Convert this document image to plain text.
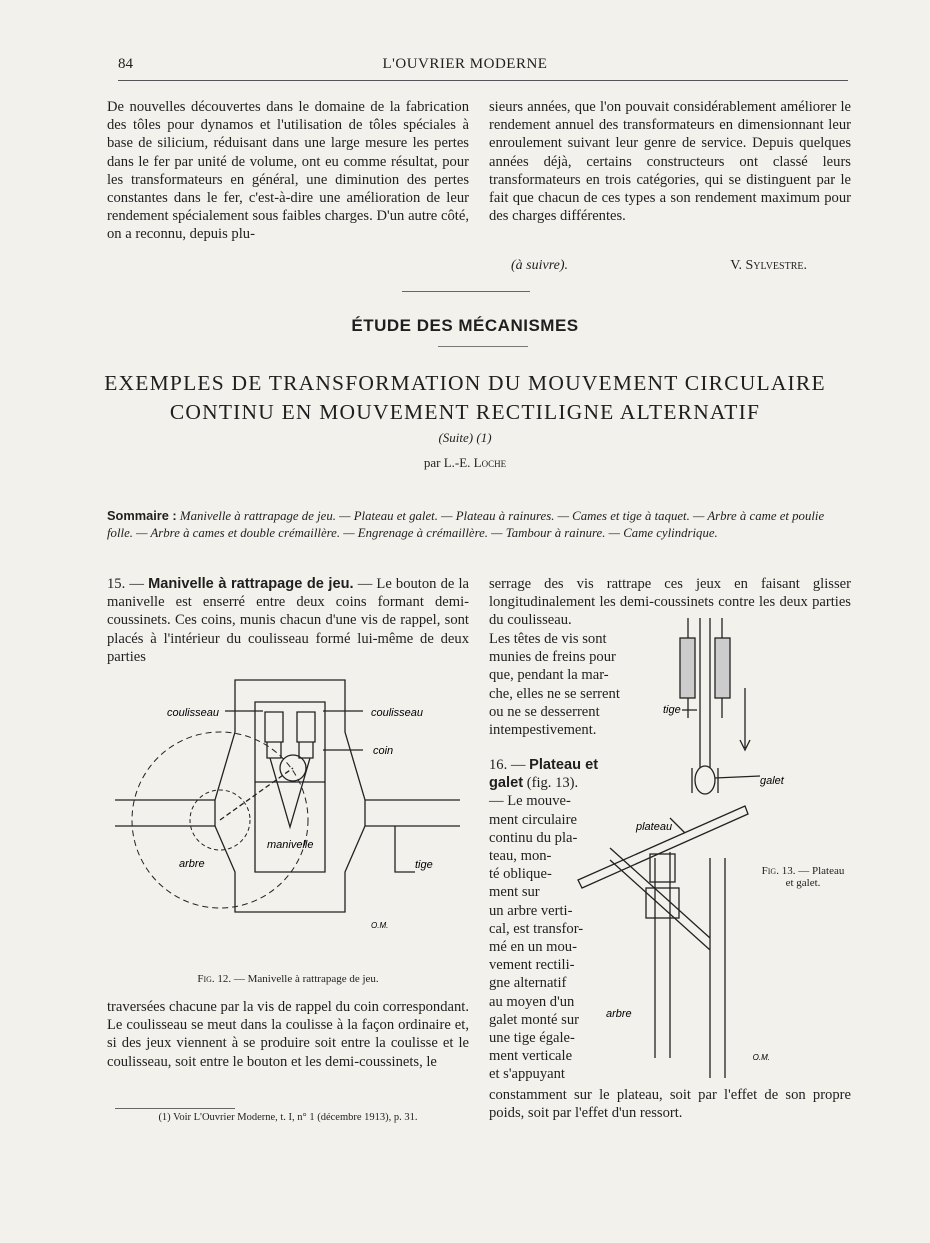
84	L'OUVRIER MODERNE
De nouvelles découvertes dans le domaine de la fabrication des tôles pour dynamos et l'utilisation de tôles spéciales à base de silicium, réduisant dans une large mesure les pertes dans le fer par unité de volume, ont eu comme résultat, pour les transformateurs en général, une diminution des pertes constantes dans le fer, c'est-à-dire une amélioration de leur rendement spécialement sous faibles charges. D'un autre côté, on a reconnu, depuis plu-
sieurs années, que l'on pouvait considérablement améliorer le rendement annuel des transformateurs en dimensionnant leur enroulement suivant leur genre de service. Depuis quelques années déjà, certains constructeurs ont classé leurs transformateurs en trois catégories, qui se distinguent par le fait que chacun de ces types a son rendement maximum pour des charges différentes.
(à suivre).	V. Sylvestre.
ÉTUDE DES MÉCANISMES
EXEMPLES DE TRANSFORMATION DU MOUVEMENT CIRCULAIRE
CONTINU EN MOUVEMENT RECTILIGNE ALTERNATIF
(Suite) (1)
par L.-E. Loche
Sommaire : Manivelle à rattrapage de jeu. — Plateau et galet. — Plateau à rainures. — Cames et tige à taquet. — Arbre à came et poulie folle. — Arbre à cames et double crémaillère. — Engrenage à crémaillère. — Tambour à rainure. — Came cylindrique.
15. — Manivelle à rattrapage de jeu. — Le bouton de la manivelle est enserré entre deux coins formant demi-coussinets. Ces coins, munis chacun d'une vis de rappel, sont placés à l'intérieur du coulisseau formé lui-même de deux parties
coulisseau	coulisseau
coin
manivelle
arbre	tige
O.M.
Fig. 12. — Manivelle à rattrapage de jeu.
traversées chacune par la vis de rappel du coin correspondant. Le coulisseau se meut dans la coulisse à la façon ordinaire et, si des jeux viennent à se produire soit entre la coulisse et le coulisseau, soit entre le bouton et les demi-coussinets, le
(1) Voir L'Ouvrier Moderne, t. I, n° 1 (décembre 1913), p. 31.
serrage des vis rattrape ces jeux en faisant glisser longitudinalement les demi-coussinets contre les deux parties du coulisseau.
Les têtes de vis sont
munies de freins pour
que, pendant la mar-
che, elles ne se serrent
ou ne se desserrent
intempestivement.
16. — Plateau et
galet (fig. 13).
— Le mouve-
ment circulaire
continu du pla-
teau, mon-
té oblique-
ment sur
un arbre verti-
cal, est transfor-
mé en un mou-
vement rectili-
gne alternatif
au moyen d'un
galet monté sur
une tige égale-
ment verticale
et s'appuyant
tige
galet
plateau
arbre
O.M.
Fig. 13. — Plateau
et galet.
constamment sur le plateau, soit par l'effet de son propre poids, soit par l'effet d'un ressort.
